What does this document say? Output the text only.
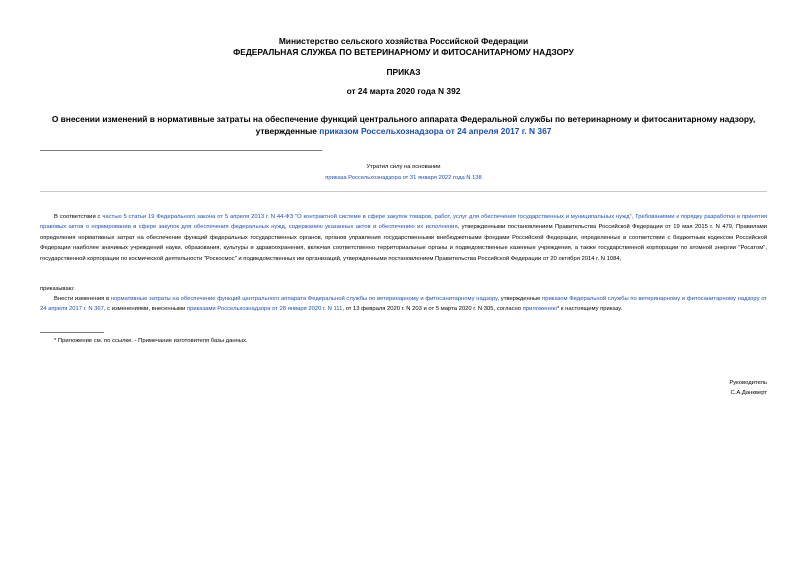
Министерство сельского хозяйства Российской Федерации
ФЕДЕРАЛЬНАЯ СЛУЖБА ПО ВЕТЕРИНАРНОМУ И ФИТОСАНИТАРНОМУ НАДЗОРУ
ПРИКАЗ
от 24 марта 2020 года N 392
О внесении изменений в нормативные затраты на обеспечение функций центрального аппарата Федеральной службы по ветеринарному и фитосанитарному надзору, утвержденные приказом Россельхознадзора от 24 апреля 2017 г. N 367
Утратил силу на основании
приказа Россельхознадзора от 31 января 2022 года N 138
В соответствии с частью 5 статьи 19 Федерального закона от 5 апреля 2013 г. N 44-ФЗ "О контрактной системе в сфере закупок товаров, работ, услуг для обеспечения государственных и муниципальных нужд", Требованиями к порядку разработки и принятия правовых актов о нормировании в сфере закупок для обеспечения федеральных нужд, содержанию указанных актов и обеспечению их исполнения, утвержденными постановлением Правительства Российской Федерации от 19 мая 2015 г. N 479, Правилами определения нормативных затрат на обеспечение функций федеральных государственных органов, органов управления государственными внебюджетными фондами Российской Федерации, определенных в соответствии с бюджетным кодексом Российской Федерации наиболее значимых учреждений науки, образования, культуры и здравоохранения, включая соответственно территориальные органы и подведомственные казенные учреждения, а также государственной корпорации по атомной энергии "Росатом", государственной корпорации по космической деятельности "Роскосмос" и подведомственных им организаций, утвержденными постановлением Правительства Российской Федерации от 20 октября 2014 г. N 1084,
приказываю:
Внести изменения в нормативные затраты на обеспечение функций центрального аппарата Федеральной службы по ветеринарному и фитосанитарному надзору, утвержденные приказом Федеральной службы по ветеринарному и фитосанитарному надзору от 24 апреля 2017 г. N 367, с изменениями, внесенными приказами Россельхознадзора от 28 января 2020 г. N 111, от 13 февраля 2020 г. N 203 и от 5 марта 2020 г. N 305, согласно приложению* к настоящему приказу.
* Приложение см. по ссылке. - Примечание изготовителя базы данных.
Руководитель
С.А.Данкверт
